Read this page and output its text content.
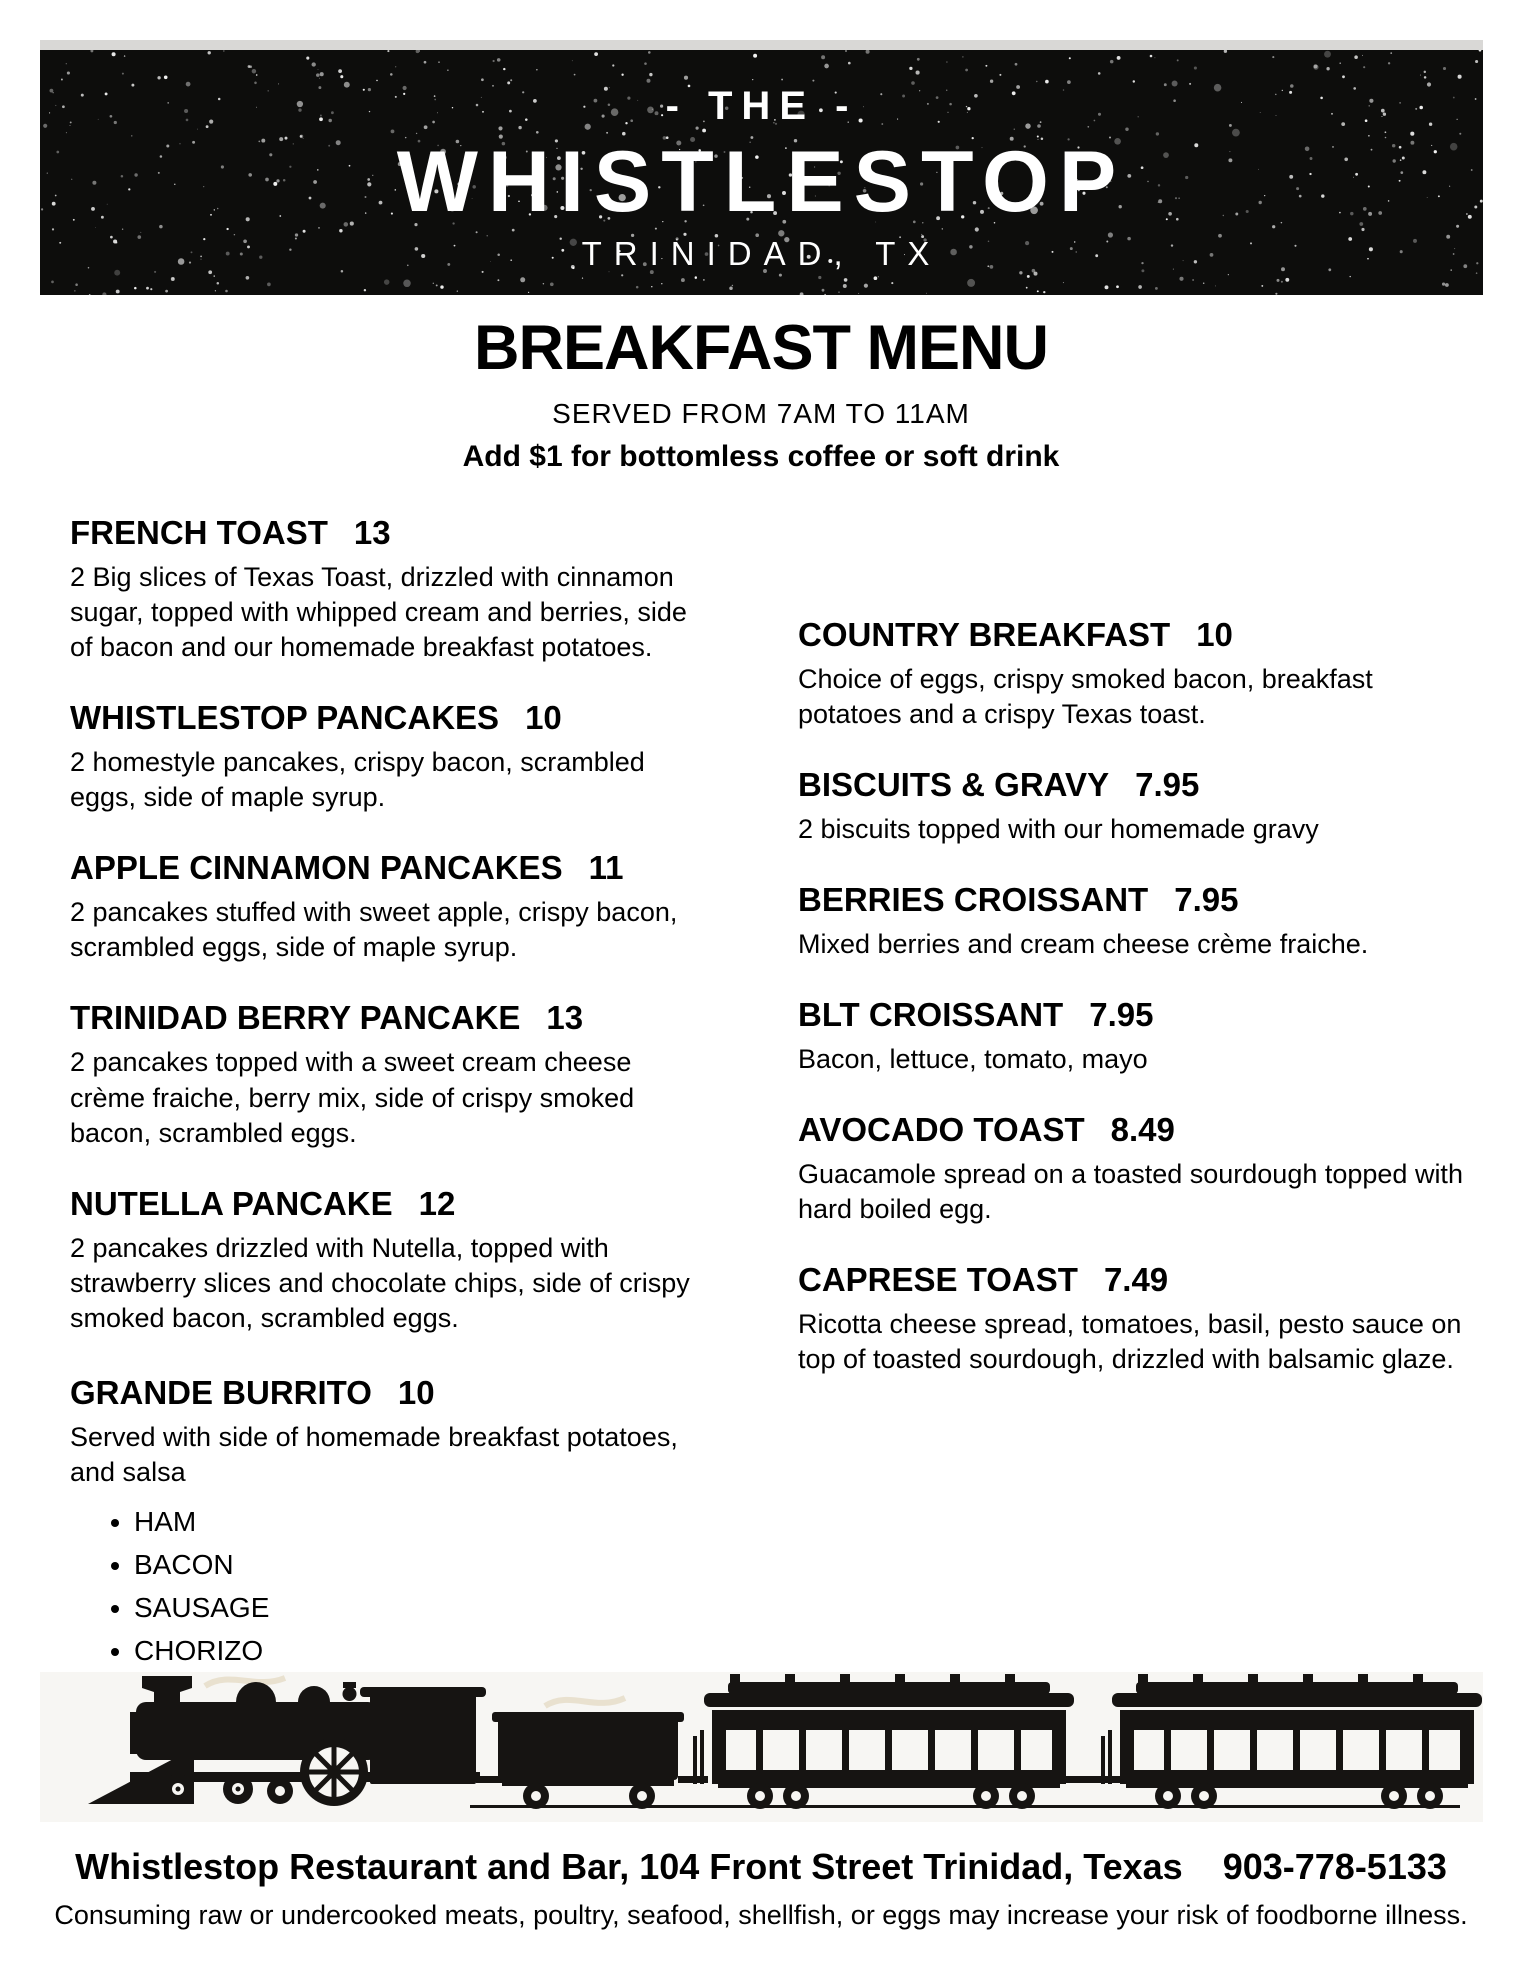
- THE -
WHISTLESTOP
TRINIDAD, TX
BREAKFAST MENU
SERVED FROM 7AM TO 11AM
Add $1 for bottomless coffee or soft drink
FRENCH TOAST 13

2 Big slices of Texas Toast, drizzled with cinnamon sugar, topped with whipped cream and berries, side of bacon and our homemade breakfast potatoes.

WHISTLESTOP PANCAKES 10

2 homestyle pancakes, crispy bacon, scrambled eggs, side of maple syrup.

APPLE CINNAMON PANCAKES 11

2 pancakes stuffed with sweet apple, crispy bacon, scrambled eggs, side of maple syrup.

TRINIDAD BERRY PANCAKE 13

2 pancakes topped with a sweet cream cheese crème fraiche, berry mix, side of crispy smoked bacon, scrambled eggs.

NUTELLA PANCAKE 12

2 pancakes drizzled with Nutella, topped with strawberry slices and chocolate chips, side of crispy smoked bacon, scrambled eggs.

GRANDE BURRITO 10

Served with side of homemade breakfast potatoes, and salsa

• HAM
• BACON
• SAUSAGE
• CHORIZO
COUNTRY BREAKFAST 10

Choice of eggs, crispy smoked bacon, breakfast potatoes and a crispy Texas toast.

BISCUITS & GRAVY 7.95

2 biscuits topped with our homemade gravy

BERRIES CROISSANT 7.95

Mixed berries and cream cheese crème fraiche.

BLT CROISSANT 7.95

Bacon, lettuce, tomato, mayo

AVOCADO TOAST 8.49

Guacamole spread on a toasted sourdough topped with hard boiled egg.

CAPRESE TOAST 7.49

Ricotta cheese spread, tomatoes, basil, pesto sauce on top of toasted sourdough, drizzled with balsamic glaze.

Whistlestop Restaurant and Bar, 104 Front Street Trinidad, Texas 903-778-5133
Consuming raw or undercooked meats, poultry, seafood, shellfish, or eggs may increase your risk of foodborne illness.
